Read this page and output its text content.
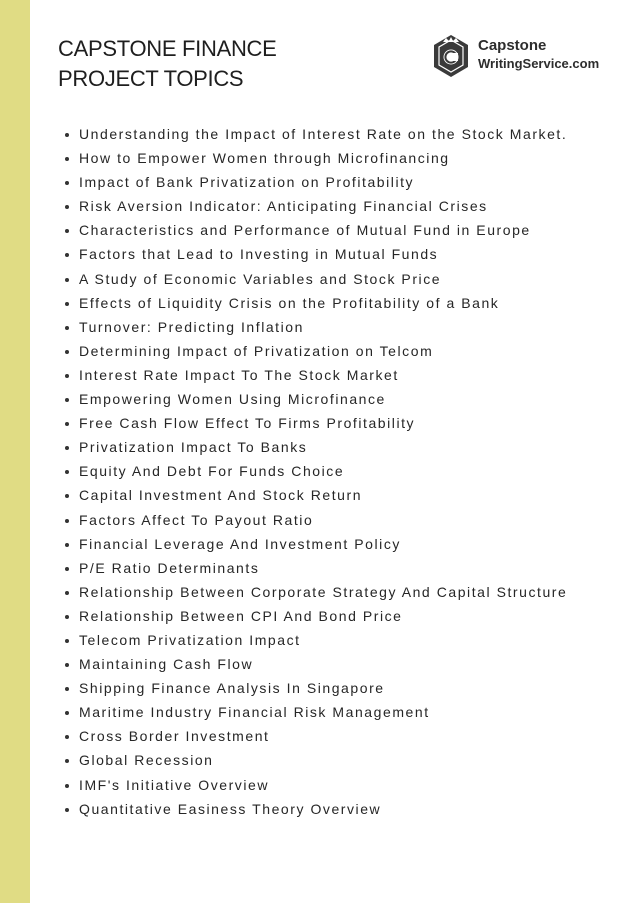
CAPSTONE FINANCE
PROJECT TOPICS
Capstone
WritingService.com
Understanding the Impact of Interest Rate on the Stock Market.
How to Empower Women through Microfinancing
Impact of Bank Privatization on Profitability
Risk Aversion Indicator: Anticipating Financial Crises
Characteristics and Performance of Mutual Fund in Europe
Factors that Lead to Investing in Mutual Funds
A Study of Economic Variables and Stock Price
Effects of Liquidity Crisis on the Profitability of a Bank
Turnover: Predicting Inflation
Determining Impact of Privatization on Telcom
Interest Rate Impact To The Stock Market
Empowering Women Using Microfinance
Free Cash Flow Effect To Firms Profitability
Privatization Impact To Banks
Equity And Debt For Funds Choice
Capital Investment And Stock Return
Factors Affect To Payout Ratio
Financial Leverage And Investment Policy
P/E Ratio Determinants
Relationship Between Corporate Strategy And Capital Structure
Relationship Between CPI And Bond Price
Telecom Privatization Impact
Maintaining Cash Flow
Shipping Finance Analysis In Singapore
Maritime Industry Financial Risk Management
Cross Border Investment
Global Recession
IMF's Initiative Overview
Quantitative Easiness Theory Overview
